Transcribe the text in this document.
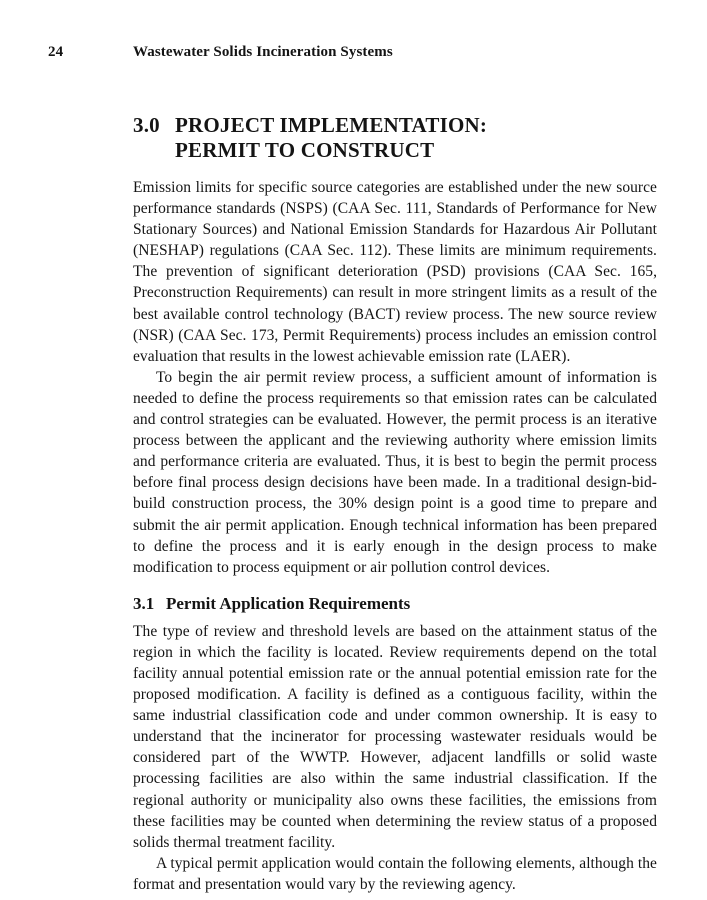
24	Wastewater Solids Incineration Systems
3.0 PROJECT IMPLEMENTATION:
PERMIT TO CONSTRUCT

Emission limits for specific source categories are established under the new source performance standards (NSPS) (CAA Sec. 111, Standards of Performance for New Stationary Sources) and National Emission Standards for Hazardous Air Pollutant (NESHAP) regulations (CAA Sec. 112). These limits are minimum requirements. The prevention of significant deterioration (PSD) provisions (CAA Sec. 165, Preconstruction Requirements) can result in more stringent limits as a result of the best available control technology (BACT) review process. The new source review (NSR) (CAA Sec. 173, Permit Requirements) process includes an emission control evaluation that results in the lowest achievable emission rate (LAER).

To begin the air permit review process, a sufficient amount of information is needed to define the process requirements so that emission rates can be calculated and control strategies can be evaluated. However, the permit process is an iterative process between the applicant and the reviewing authority where emission limits and performance criteria are evaluated. Thus, it is best to begin the permit process before final process design decisions have been made. In a traditional design-bid-build construction process, the 30% design point is a good time to prepare and submit the air permit application. Enough technical information has been prepared to define the process and it is early enough in the design process to make modification to process equipment or air pollution control devices.

3.1 Permit Application Requirements

The type of review and threshold levels are based on the attainment status of the region in which the facility is located. Review requirements depend on the total facility annual potential emission rate or the annual potential emission rate for the proposed modification. A facility is defined as a contiguous facility, within the same industrial classification code and under common ownership. It is easy to understand that the incinerator for processing wastewater residuals would be considered part of the WWTP. However, adjacent landfills or solid waste processing facilities are also within the same industrial classification. If the regional authority or municipality also owns these facilities, the emissions from these facilities may be counted when determining the review status of a proposed solids thermal treatment facility.

A typical permit application would contain the following elements, although the format and presentation would vary by the reviewing agency.
